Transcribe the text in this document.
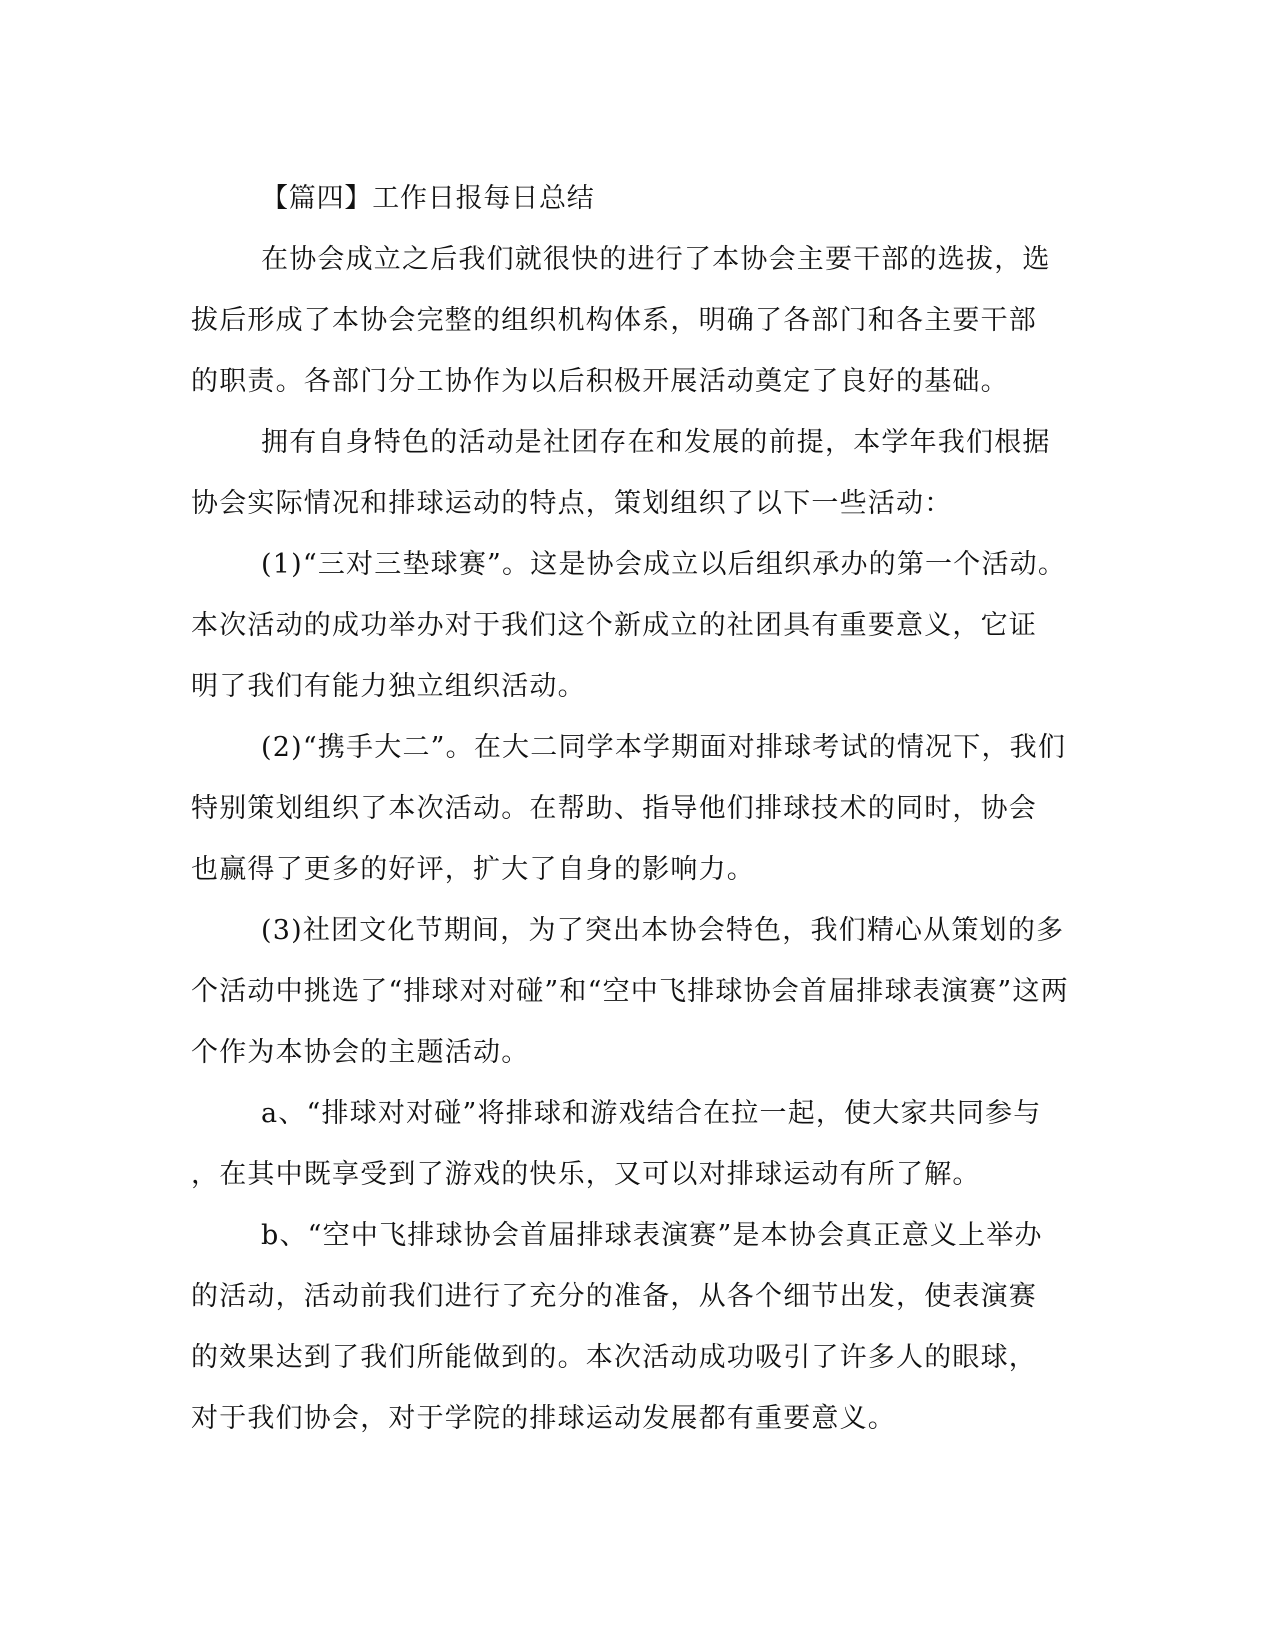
【篇四】工作日报每日总结
在协会成立之后我们就很快的进行了本协会主要干部的选拔，选
拔后形成了本协会完整的组织机构体系，明确了各部门和各主要干部
的职责。各部门分工协作为以后积极开展活动奠定了良好的基础。
拥有自身特色的活动是社团存在和发展的前提，本学年我们根据
协会实际情况和排球运动的特点，策划组织了以下一些活动：
(1)“三对三垫球赛”。这是协会成立以后组织承办的第一个活动。
本次活动的成功举办对于我们这个新成立的社团具有重要意义，它证
明了我们有能力独立组织活动。
(2)“携手大二”。在大二同学本学期面对排球考试的情况下，我们
特别策划组织了本次活动。在帮助、指导他们排球技术的同时，协会
也赢得了更多的好评，扩大了自身的影响力。
(3)社团文化节期间，为了突出本协会特色，我们精心从策划的多
个活动中挑选了“排球对对碰”和“空中飞排球协会首届排球表演赛”这两
个作为本协会的主题活动。
a、“排球对对碰”将排球和游戏结合在拉一起，使大家共同参与
，在其中既享受到了游戏的快乐，又可以对排球运动有所了解。
b、“空中飞排球协会首届排球表演赛”是本协会真正意义上举办
的活动，活动前我们进行了充分的准备，从各个细节出发，使表演赛
的效果达到了我们所能做到的。本次活动成功吸引了许多人的眼球，
对于我们协会，对于学院的排球运动发展都有重要意义。
